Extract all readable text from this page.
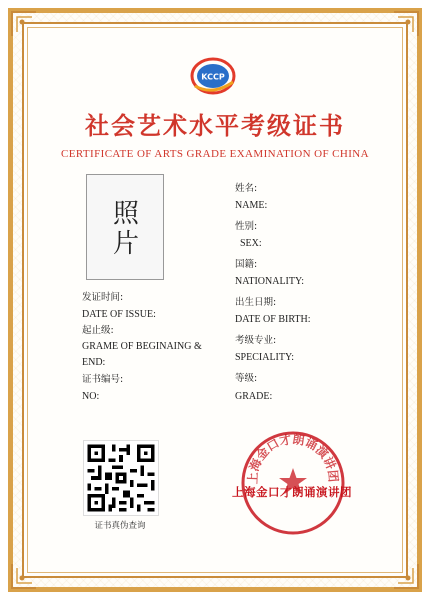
KCCP
社会艺术水平考级证书
CERTIFICATE OF ARTS GRADE EXAMINATION OF CHINA
照片
发证时间:
DATE OF ISSUE:
起止级:
GRAME OF BEGINAING &
END:
证书编号:
NO:
姓名:
NAME:
性别:
SEX:
国籍:
NATIONALITY:
出生日期:
DATE OF BIRTH:
考级专业:
SPECIALITY:
等级:
GRADE:
证书真伪查询
上海金口才朗诵演讲团
上海金口才朗诵演讲团
